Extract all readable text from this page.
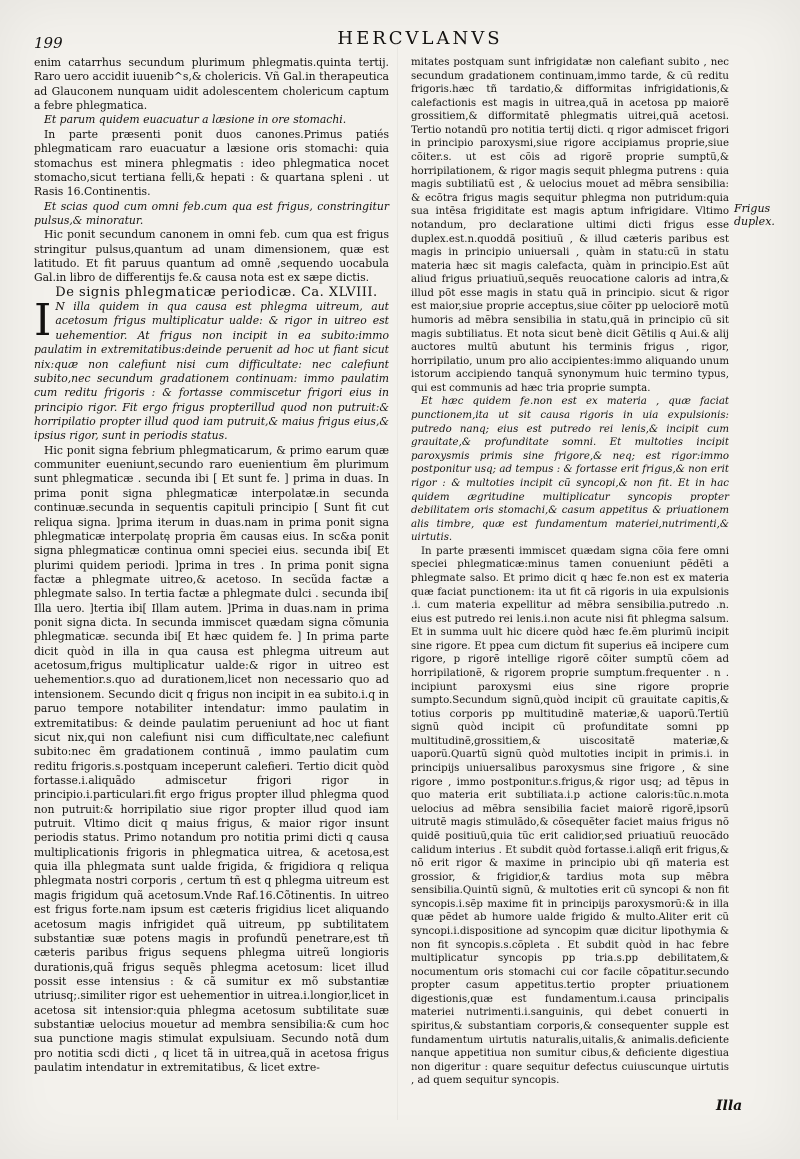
199	HERCVLANVS

enim catarrhus secundum plurimum phlegmatis.quinta tertij. Raro uero accidit iuuenib^s,& cholericis. Vñ Gal.in therapeutica ad Glauconem nunquam uidit adolescentem cholericum captum a febre phlegmatica.

Et parum quidem euacuatur a læsione in ore stomachi.

In parte præsenti ponit duos canones.Primus patiés phlegmaticam raro euacuatur a læsione oris stomachi: quia stomachus est minera phlegmatis : ideo phlegmatica nocet stomacho,sicut tertiana felli,& hepati : & quartana spleni . ut Rasis 16.Continentis.

Et scias quod cum omni feb.cum qua est frigus, constringitur pulsus,& minoratur.

Hic ponit secundum canonem in omni feb. cum qua est frigus stringitur pulsus,quantum ad unam dimensionem, quæ est latitudo. Et fit paruus quantum ad omnẽ ,sequendo uocabula Gal.in libro de differentijs fe.& causa nota est ex sæpe dictis.

De signis phlegmaticæ periodicæ. Ca. XLVIII.

I N illa quidem in qua causa est phlegma uitreum, aut acetosum frigus multiplicatur ualde: & rigor in uitreo est uehementior. At frigus non incipit in ea subito:immo paulatim in extremitatibus:deinde peruenit ad hoc ut fiant sicut nix:quæ non calefiunt nisi cum difficultate: nec calefiunt subito,nec secundum gradationem continuam: immo paulatim cum reditu frigoris : & fortasse commiscetur frigori eius in principio rigor. Fit ergo frigus propterillud quod non putruit:& horripilatio propter illud quod iam putruit,& maius frigus eius,& ipsius rigor, sunt in periodis status.

Hic ponit signa febrium phlegmaticarum, & primo earum quæ communiter eueniunt,secundo raro euenientium ẽm plurimum sunt phlegmaticæ . secunda ibi [ Et sunt fe. ] prima in duas. In prima ponit signa phlegmaticæ interpolatæ.in secunda continuæ.secunda in sequentis capituli principio [ Sunt fit cut reliqua signa. ]prima iterum in duas.nam in prima ponit signa phlegmaticæ interpolatę propria ẽm causas eius. In sc&a ponit signa phlegmaticæ continua omni speciei eius. secunda ibi[ Et plurimi quidem periodi. ]prima in tres . In prima ponit signa factæ a phlegmate uitreo,& acetoso. In secũda factæ a phlegmate salso. In tertia factæ a phlegmate dulci . secunda ibi[ Illa uero. ]tertia ibi[ Illam autem. ]Prima in duas.nam in prima ponit signa dicta. In secunda immiscet quædam signa cõmunia phlegmaticæ. secunda ibi[ Et hæc quidem fe. ] In prima parte dicit quòd in illa in qua causa est phlegma uitreum aut acetosum,frigus multiplicatur ualde:& rigor in uitreo est uehementior.s.quo ad durationem,licet non necessario quo ad intensionem. Secundo dicit q frigus non incipit in ea subito.i.q in paruo tempore notabiliter intendatur: immo paulatim in extremitatibus: & deinde paulatim perueniunt ad hoc ut fiant sicut nix,qui non calefiunt nisi cum difficultate,nec calefiunt subito:nec ẽm gradationem continuã , immo paulatim cum reditu frigoris.s.postquam inceperunt calefieri. Tertio dicit quòd fortasse.i.aliquãdo admiscetur frigori rigor in principio.i.particulari.fit ergo frigus propter illud phlegma quod non putruit:& horripilatio siue rigor propter illud quod iam putruit. Vltimo dicit q maius frigus, & maior rigor insunt periodis status. Primo notandum pro notitia primi dicti q causa multiplicationis frigoris in phlegmatica uitrea, & acetosa,est quia illa phlegmata sunt ualde frigida, & frigidiora q reliqua phlegmata nostri corporis , certum tñ est q phlegma uitreum est magis frigidum quã acetosum.Vnde Raf.16.Cõtinentis. In uitreo est frigus forte.nam ipsum est cæteris frigidius licet aliquando acetosum magis infrigidet quã uitreum, pp subtilitatem substantiæ suæ potens magis in profundũ penetrare,est tñ cæteris paribus frigus sequens phlegma uitreũ longioris durationis,quã frigus sequẽs phlegma acetosum: licet illud possit esse intensius : & cã sumitur ex mõ substantiæ utriusq;.similiter rigor est uehementior in uitrea.i.longior,licet in acetosa sit intensior:quia phlegma acetosum subtilitate suæ substantiæ uelocius mouetur ad membra sensibilia:& cum hoc sua punctione magis stimulat expulsiuam. Secundo notã dum pro notitia scdi dicti , q licet tã in uitrea,quã in acetosa frigus paulatim intendatur in extremitatibus, & licet extre-

mitates postquam sunt infrigidatæ non calefiant subito , nec secundum gradationem continuam,immo tarde, & cũ reditu frigoris.hæc tñ tardatio,& difformitas infrigidationis,& calefactionis est magis in uitrea,quã in acetosa pp maiorẽ grossitiem,& difformitatẽ phlegmatis uitrei,quã acetosi. Tertio notandũ pro notitia tertij dicti. q rigor admiscet frigori in principio paroxysmi,siue rigore accipiamus proprie,siue cõiter.s. ut est cõis ad rigorẽ proprie sumptũ,& horripilationem, & rigor magis sequit phlegma putrens : quia magis subtiliatũ est , & uelocius mouet ad mẽbra sensibilia: & ecõtra frigus magis sequitur phlegma non putridum:quia sua intẽsa frigiditate est magis aptum infrigidare. Vltimo notandum, pro declaratione ultimi dicti frigus esse duplex.est.n.quoddã positiuũ , & illud cæteris paribus est magis in principio uniuersali , quàm in statu:cũ in statu materia hæc sit magis calefacta, quàm in principio.Est aũt aliud frigus priuatiuũ,sequẽs reuocatione caloris ad intra,& illud põt esse magis in statu quã in principio. sicut & rigor est maior,siue proprie acceptus,siue cõiter pp uelociorẽ motũ humoris ad mẽbra sensibilia in statu,quã in principio cũ sit magis subtiliatus. Et nota sicut benè dicit Gẽtilis q Aui.& alij auctores multũ abutunt his terminis frigus , rigor, horripilatio, unum pro alio accipientes:immo aliquando unum istorum accipiendo tanquã synonymum huic termino typus, qui est communis ad hæc tria proprie sumpta.

Et hæc quidem fe.non est ex materia , quæ faciat punctionem,ita ut sit causa rigoris in uia expulsionis: putredo nanq; eius est putredo rei lenis,& incipit cum grauitate,& profunditate somni. Et multoties incipit paroxysmis primis sine frigore,& neq; est rigor:immo postponitur usq; ad tempus : & fortasse erit frigus,& non erit rigor : & multoties incipit cũ syncopi,& non fit. Et in hac quidem ægritudine multiplicatur syncopis propter debilitatem oris stomachi,& casum appetitus & priuationem alis timbre, quæ est fundamentum materiei,nutrimenti,& uirtutis.

In parte præsenti immiscet quædam signa cõia fere omni speciei phlegmaticæ:minus tamen conueniunt pẽdẽti a phlegmate salso. Et primo dicit q hæc fe.non est ex materia quæ faciat punctionem: ita ut fit cã rigoris in uia expulsionis .i. cum materia expellitur ad mẽbra sensibilia.putredo .n. eius est putredo rei lenis.i.non acute nisi fit phlegma salsum. Et in summa uult hic dicere quòd hæc fe.ẽm plurimũ incipit sine rigore. Et ppea cum dictum fit superius eã incipere cum rigore, p rigorẽ intellige rigorẽ cõiter sumptũ cõem ad horripilationẽ, & rigorem proprie sumptum.frequenter . n . incipiunt paroxysmi eius sine rigore proprie sumpto.Secundum signũ,quòd incipit cũ grauitate capitis,& totius corporis pp multitudinẽ materiæ,& uaporũ.Tertiũ signũ quòd incipit cũ profunditate somni pp multitudinẽ,grossitiem,& uiscositatẽ materiæ,& uaporũ.Quartũ signũ quòd multoties incipit in primis.i. in principijs uniuersalibus paroxysmus sine frigore , & sine rigore , immo postponitur.s.frigus,& rigor usq; ad tẽpus in quo materia erit subtiliata.i.p actione caloris:tũc.n.mota uelocius ad mẽbra sensibilia faciet maiorẽ rigorẽ,ipsorũ uitrutẽ magis stimulãdo,& cõsequẽter faciet maius frigus nõ quidẽ positiuũ,quia tũc erit calidior,sed priuatiuũ reuocãdo calidum interius . Et subdit quòd fortasse.i.aliqñ erit frigus,& nõ erit rigor & maxime in principio ubi qñ materia est grossior, & frigidior,& tardius mota sup mẽbra sensibilia.Quintũ signũ, & multoties erit cũ syncopi & non fit syncopis.i.sẽp maxime fit in principijs paroxysmorũ:& in illa quæ pẽdet ab humore ualde frigido & multo.Aliter erit cũ syncopi.i.dispositione ad syncopim quæ dicitur lipothymia & non fit syncopis.s.cõpleta . Et subdit quòd in hac febre multiplicatur syncopis pp tria.s.pp debilitatem,& nocumentum oris stomachi cui cor facile cõpatitur.secundo propter casum appetitus.tertio propter priuationem digestionis,quæ est fundamentum.i.causa principalis materiei nutrimenti.i.sanguinis, qui debet conuerti in spiritus,& substantiam corporis,& consequenter supple est fundamentum uirtutis naturalis,uitalis,& animalis.deficiente nanque appetitiua non sumitur cibus,& deficiente digestiua non digeritur : quare sequitur defectus cuiuscunque uirtutis , ad quem sequitur syncopis.

Frigus duplex.
Illa
